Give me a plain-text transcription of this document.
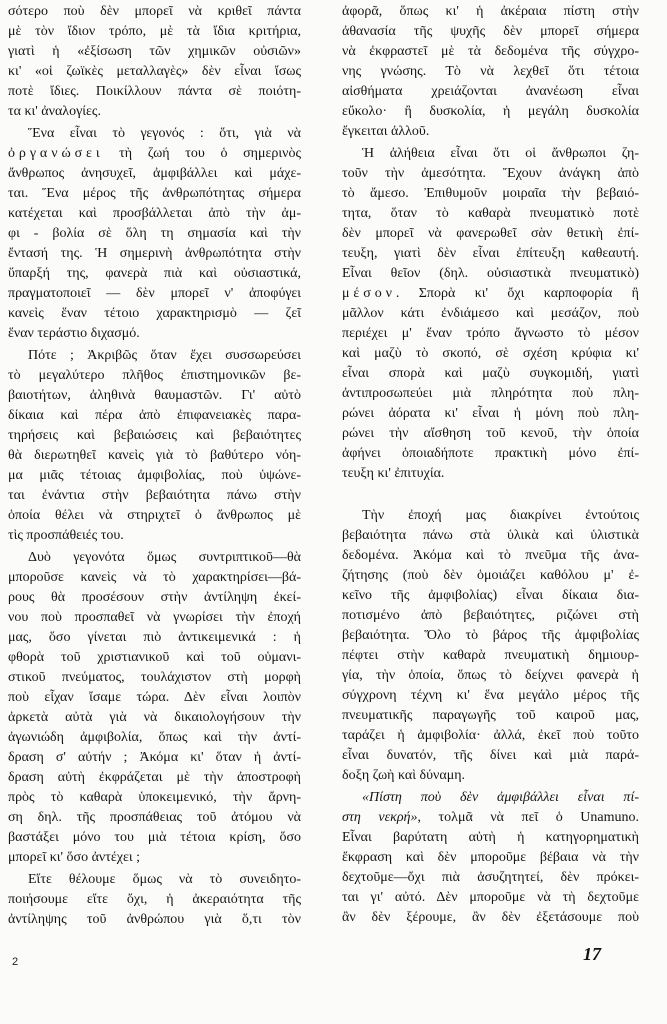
σότερο ποὺ δὲν μπορεῖ νὰ κριθεῖ πάντα
μὲ τὸν ἴδιον τρόπο, μὲ τὰ ἴδια κριτήρια,
γιατὶ ἡ «ἐξίσωση τῶν χημικῶν οὐσιῶν»
κι' «οἱ ζωϊκὲς μεταλλαγὲς» δὲν εἶναι ἴσως
ποτὲ ἴδιες. Ποικίλλουν πάντα σὲ ποιότη-
τα κι' ἀναλογίες.
Ἕνα εἶναι τὸ γεγονός : ὅτι, γιὰ νὰ
ὀργανώσει τὴ ζωή του ὁ σημερινὸς
ἄνθρωπος ἀνησυχεῖ, ἀμφιβάλλει καὶ μάχε-
ται. Ἕνα μέρος τῆς ἀνθρωπότητας σήμερα
κατέχεται καὶ προσβάλλεται ἀπὸ τὴν ἀμ-
φι - βολία σὲ ὅλη τη σημασία καὶ τὴν
ἔντασή της. Ἡ σημερινὴ ἀνθρωπότητα στὴν
ὕπαρξή της, φανερὰ πιὰ καὶ οὐσιαστικά,
πραγματοποιεῖ — δὲν μπορεῖ ν' ἀποφύγει
κανεὶς ἕναν τέτοιο χαρακτηρισμὸ — ζεῖ
ἕναν τεράστιο διχασμό.
Πότε ; Ἀκριβῶς ὅταν ἔχει συσσωρεύσει
τὸ μεγαλύτερο πλῆθος ἐπιστημονικῶν βε-
βαιοτήτων, ἀληθινὰ θαυμαστῶν. Γι' αὐτὸ
δίκαια καὶ πέρα ἀπὸ ἐπιφανειακὲς παρα-
τηρήσεις καὶ βεβαιώσεις καὶ βεβαιότητες
θὰ διερωτηθεῖ κανεὶς γιὰ τὸ βαθύτερο νόη-
μα μιᾶς τέτοιας ἀμφιβολίας, ποὺ ὑψώνε-
ται ἐνάντια στὴν βεβαιότητα πάνω στὴν
ὁποία θέλει νὰ στηριχτεῖ ὁ ἄνθρωπος μὲ
τὶς προσπάθειές του.
Δυὸ γεγονότα ὅμως συντριπτικοῦ—θὰ
μποροῦσε κανεὶς νὰ τὸ χαρακτηρίσει—βά-
ρους θὰ προσέσουν στὴν ἀντίληψη ἐκεί-
νου ποὺ προσπαθεῖ νὰ γνωρίσει τὴν ἐποχή
μας, ὅσο γίνεται πιὸ ἀντικειμενικά : ἡ
φθορὰ τοῦ χριστιανικοῦ καὶ τοῦ οὑμανι-
στικοῦ πνεύματος, τουλάχιστον στὴ μορφὴ
ποὺ εἶχαν ἴσαμε τώρα. Δὲν εἶναι λοιπὸν
ἀρκετὰ αὐτὰ γιὰ νὰ δικαιολογήσουν τὴν
ἀγωνιώδη ἀμφιβολία, ὅπως καὶ τὴν ἀντί-
δραση σ' αὐτήν ; Ἀκόμα κι' ὅταν ἡ ἀντί-
δραση αὐτὴ ἐκφράζεται μὲ τὴν ἀποστροφὴ
πρὸς τὸ καθαρὰ ὑποκειμενικό, τὴν ἄρνη-
ση δηλ. τῆς προσπάθειας τοῦ ἀτόμου νὰ
βαστάξει μόνο του μιὰ τέτοια κρίση, ὅσο
μπορεῖ κι' ὅσο ἀντέχει ;
Εἴτε θέλουμε ὅμως νὰ τὸ συνειδητο-
ποιήσουμε εἴτε ὄχι, ἡ ἀκεραιότητα τῆς
ἀντίληψης τοῦ ἀνθρώπου γιὰ ὅ,τι τὸν
ἀφορᾶ, ὅπως κι' ἡ ἀκέραια πίστη στὴν
ἀθανασία τῆς ψυχῆς δὲν μπορεῖ σήμερα
νὰ ἐκφραστεῖ μὲ τὰ δεδομένα τῆς σύγχρο-
νης γνώσης. Τὸ νὰ λεχθεῖ ὅτι τέτοια
αἰσθήματα χρειάζονται ἀνανέωση εἶναι
εὔκολο· ἢ δυσκολία, ἡ μεγάλη δυσκολία
ἔγκειται ἀλλοῦ.
Ἡ ἀλήθεια εἶναι ὅτι οἱ ἄνθρωποι ζη-
τοῦν τὴν ἀμεσότητα. Ἔχουν ἀνάγκη ἀπὸ
τὸ ἄμεσο. Ἐπιθυμοῦν μοιραῖα τὴν βεβαιό-
τητα, ὅταν τὸ καθαρὰ πνευματικὸ ποτὲ
δὲν μπορεῖ νὰ φανερωθεῖ σὰν θετικὴ ἐπί-
τευξη, γιατὶ δὲν εἶναι ἐπίτευξη καθεαυτή.
Εἶναι θεῖον (δηλ. οὐσιαστικὰ πνευματικὸ)
μέσον. Σπορὰ κι' ὄχι καρποφορία ἢ
μᾶλλον κάτι ἐνδιάμεσο καὶ μεσάζον, ποὺ
περιέχει μ' ἕναν τρόπο ἄγνωστο τὸ μέσον
καὶ μαζὺ τὸ σκοπό, σὲ σχέση κρύφια κι'
εἶναι σπορὰ καὶ μαζὺ συγκομιδή, γιατὶ
ἀντιπροσωπεύει μιὰ πληρότητα ποὺ πλη-
ρώνει ἀόρατα κι' εἶναι ἡ μόνη ποὺ πλη-
ρώνει τὴν αἴσθηση τοῦ κενοῦ, τὴν ὁποία
ἀφήνει ὁποιαδήποτε πρακτικὴ μόνο ἐπί-
τευξη κι' ἐπιτυχία.
Τὴν ἐποχή μας διακρίνει ἐντούτοις
βεβαιότητα πάνω στὰ ὑλικὰ καὶ ὑλιστικὰ
δεδομένα. Ἀκόμα καὶ τὸ πνεῦμα τῆς ἀνα-
ζήτησης (ποὺ δὲν ὁμοιάζει καθόλου μ' ἐ-
κεῖνο τῆς ἀμφιβολίας) εἶναι δίκαια δια-
ποτισμένο ἀπὸ βεβαιότητες, ριζώνει στὴ
βεβαιότητα. Ὅλο τὸ βάρος τῆς ἀμφιβολίας
πέφτει στὴν καθαρὰ πνευματικὴ δημιουρ-
γία, τὴν ὁποία, ὅπως τὸ δείχνει φανερὰ ἡ
σύγχρονη τέχνη κι' ἕνα μεγάλο μέρος τῆς
πνευματικῆς παραγωγῆς τοῦ καιροῦ μας,
ταράζει ἡ ἀμφιβολία· ἀλλά, ἐκεῖ ποὺ τοῦτο
εἶναι δυνατόν, τῆς δίνει καὶ μιὰ παρά-
δοξη ζωὴ καὶ δύναμη.
«Πίστη ποὺ δὲν ἀμφιβάλλει εἶναι πί-
στη νεκρή», τολμᾶ νὰ πεῖ ὁ Unamuno.
Εἶναι βαρύτατη αὐτὴ ἡ κατηγορηματικὴ
ἔκφραση καὶ δὲν μποροῦμε βέβαια νὰ τὴν
δεχτοῦμε—ὄχι πιὰ ἀσυζητητεί, δὲν πρόκει-
ται γι' αὐτό. Δὲν μποροῦμε νὰ τὴ δεχτοῦμε
ἂν δὲν ξέρουμε, ἂν δὲν ἐξετάσουμε ποὺ
2	17
